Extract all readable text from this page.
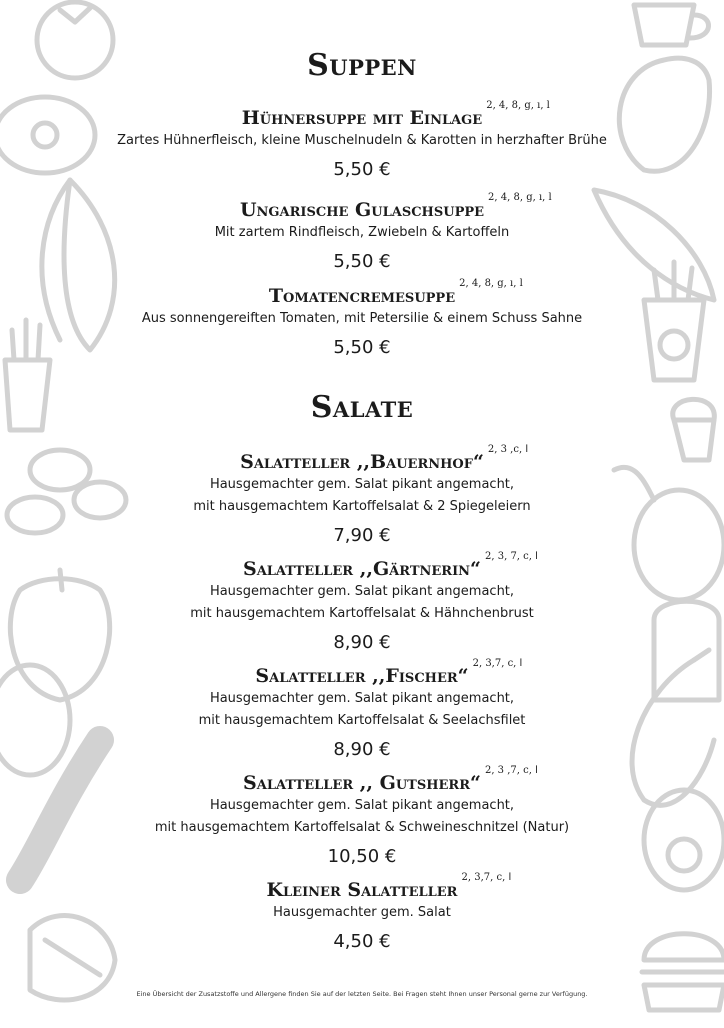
Suppen
Hühnersuppe mit Einlage
2, 4, 8, g, ı, l
Zartes Hühnerfleisch, kleine Muschelnudeln & Karotten in herzhafter Brühe
5,50 €
Ungarische Gulaschsuppe
2, 4, 8, g, ı, l
Mit zartem Rindfleisch, Zwiebeln & Kartoffeln
5,50 €
Tomatencremesuppe
2, 4, 8, g, ı, l
Aus sonnengereiften Tomaten, mit Petersilie & einem Schuss Sahne
5,50 €
Salate
Salatteller ,,Bauernhof“
2, 3 ,c, ا
Hausgemachter gem. Salat pikant angemacht,
mit hausgemachtem Kartoffelsalat & 2 Spiegeleiern
7,90 €
Salatteller ,,Gärtnerin“
2, 3, 7, c, ا
Hausgemachter gem. Salat pikant angemacht,
mit hausgemachtem Kartoffelsalat & Hähnchenbrust
8,90 €
Salatteller ,,Fischer“
2, 3,7, c, ا
Hausgemachter gem. Salat pikant angemacht,
mit hausgemachtem Kartoffelsalat & Seelachsfilet
8,90 €
Salatteller ,, Gutsherr“
2, 3 ,7, c, ا
Hausgemachter gem. Salat pikant angemacht,
mit hausgemachtem Kartoffelsalat & Schweineschnitzel (Natur)
10,50 €
Kleiner Salatteller
2, 3,7, c, ا
Hausgemachter gem. Salat
4,50 €
Eine Übersicht der Zusatzstoffe und Allergene finden Sie auf der letzten Seite. Bei Fragen steht Ihnen unser Personal gerne zur Verfügung.
